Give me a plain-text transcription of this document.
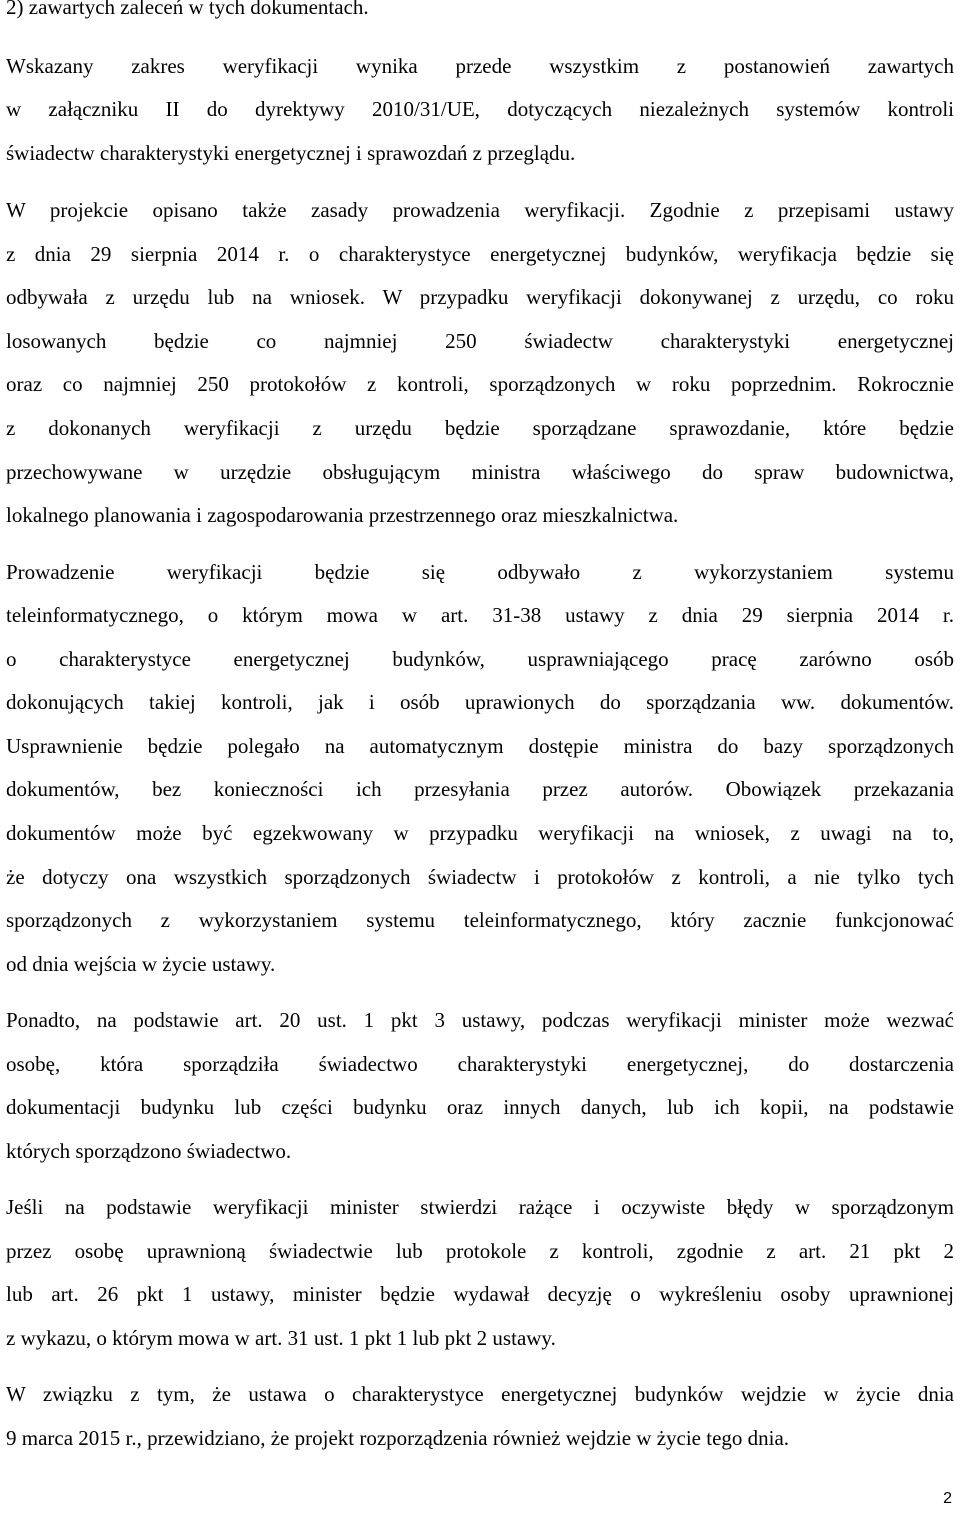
2) zawartych zaleceń w tych dokumentach.
Wskazany zakres weryfikacji wynika przede wszystkim z postanowień zawartych
w załączniku II do dyrektywy 2010/31/UE, dotyczących niezależnych systemów kontroli
świadectw charakterystyki energetycznej i sprawozdań z przeglądu.
W projekcie opisano także zasady prowadzenia weryfikacji. Zgodnie z przepisami ustawy
z dnia 29 sierpnia 2014 r. o charakterystyce energetycznej budynków, weryfikacja będzie się
odbywała z urzędu lub na wniosek. W przypadku weryfikacji dokonywanej z urzędu, co roku
losowanych będzie co najmniej 250 świadectw charakterystyki energetycznej
oraz co najmniej 250 protokołów z kontroli, sporządzonych w roku poprzednim. Rokrocznie
z dokonanych weryfikacji z urzędu będzie sporządzane sprawozdanie, które będzie
przechowywane w urzędzie obsługującym ministra właściwego do spraw budownictwa,
lokalnego planowania i zagospodarowania przestrzennego oraz mieszkalnictwa.
Prowadzenie weryfikacji będzie się odbywało z wykorzystaniem systemu
teleinformatycznego, o którym mowa w art. 31-38 ustawy z dnia 29 sierpnia 2014 r.
o charakterystyce energetycznej budynków, usprawniającego pracę zarówno osób
dokonujących takiej kontroli, jak i osób uprawionych do sporządzania ww. dokumentów.
Usprawnienie będzie polegało na automatycznym dostępie ministra do bazy sporządzonych
dokumentów, bez konieczności ich przesyłania przez autorów. Obowiązek przekazania
dokumentów może być egzekwowany w przypadku weryfikacji na wniosek, z uwagi na to,
że dotyczy ona wszystkich sporządzonych świadectw i protokołów z kontroli, a nie tylko tych
sporządzonych z wykorzystaniem systemu teleinformatycznego, który zacznie funkcjonować
od dnia wejścia w życie ustawy.
Ponadto, na podstawie art. 20 ust. 1 pkt 3 ustawy, podczas weryfikacji minister może wezwać
osobę, która sporządziła świadectwo charakterystyki energetycznej, do dostarczenia
dokumentacji budynku lub części budynku oraz innych danych, lub ich kopii, na podstawie
których sporządzono świadectwo.
Jeśli na podstawie weryfikacji minister stwierdzi rażące i oczywiste błędy w sporządzonym
przez osobę uprawnioną świadectwie lub protokole z kontroli, zgodnie z art. 21 pkt 2
lub art. 26 pkt 1 ustawy, minister będzie wydawał decyzję o wykreśleniu osoby uprawnionej
z wykazu, o którym mowa w art. 31 ust. 1 pkt 1 lub pkt 2 ustawy.
W związku z tym, że ustawa o charakterystyce energetycznej budynków wejdzie w życie dnia
9 marca 2015 r., przewidziano, że projekt rozporządzenia również wejdzie w życie tego dnia.
2
